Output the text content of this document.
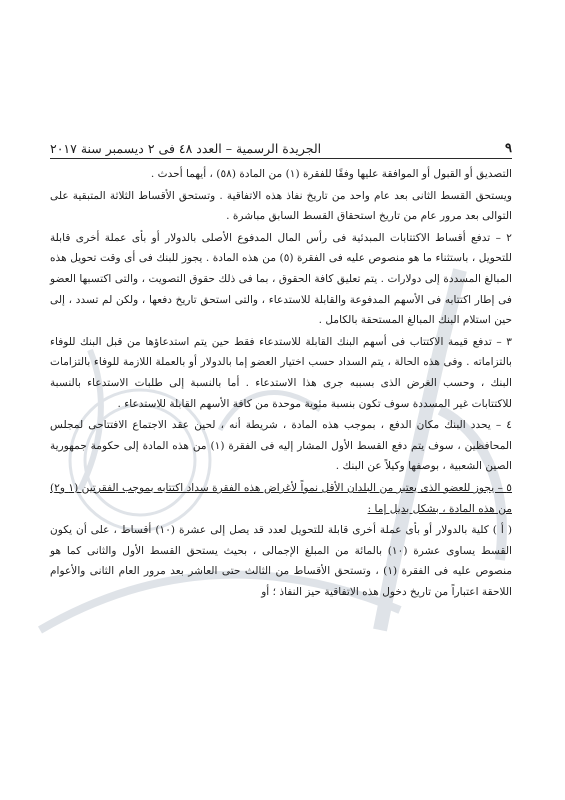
٩
الجريدة الرسمية – العدد ٤٨ فى ٢ ديسمبر سنة ٢٠١٧

التصديق أو القبول أو الموافقة عليها وفقًا للفقرة (١) من المادة (٥٨) ، أيهما أحدث .

ويستحق القسط الثانى بعد عام واحد من تاريخ نفاذ هذه الاتفاقية . وتستحق الأقساط الثلاثة المتبقية على التوالى بعد مرور عام من تاريخ استحقاق القسط السابق مباشرة .

٢ – تدفع أقساط الاكتتابات المبدئية فى رأس المال المدفوع الأصلى بالدولار أو بأى عملة أخرى قابلة للتحويل ، باستثناء ما هو منصوص عليه فى الفقرة (٥) من هذه المادة . يجوز للبنك فى أى وقت تحويل هذه المبالغ المسددة إلى دولارات . يتم تعليق كافة الحقوق ، بما فى ذلك حقوق التصويت ، والتى اكتسبها العضو فى إطار اكتتابه فى الأسهم المدفوعة والقابلة للاستدعاء ، والتى استحق تاريخ دفعها ، ولكن لم تسدد ، إلى حين استلام البنك المبالغ المستحقة بالكامل .

٣ – تدفع قيمة الاكتتاب فى أسهم البنك القابلة للاستدعاء فقط حين يتم استدعاؤها من قبل البنك للوفاء بالتزاماته . وفى هذه الحالة ، يتم السداد حسب اختيار العضو إما بالدولار أو بالعملة اللازمة للوفاء بالتزامات البنك ، وحسب الغرض الذى بسببه جرى هذا الاستدعاء . أما بالنسبة إلى طلبات الاستدعاء بالنسبة للاكتتابات غير المسددة سوف تكون بنسبة مئوية موحدة من كافة الأسهم القابلة للاستدعاء .

٤ – يحدد البنك مكان الدفع ، بموجب هذه المادة ، شريطة أنه ، لحين عقد الاجتماع الافتتاحى لمجلس المحافظين ، سوف يتم دفع القسط الأول المشار إليه فى الفقرة (١) من هذه المادة إلى حكومة جمهورية الصين الشعبية ، بوصفها وكيلاً عن البنك .

٥ – يجوز للعضو الذى يعتبر من البلدان الأقل نمواً لأغراض هذه الفقرة سداد اكتتابه بموجب الفقرتين (١ و٢) من هذه المادة ، بشكل بديل إما :

( أ ) كلية بالدولار أو بأى عملة أخرى قابلة للتحويل لعدد قد يصل إلى عشرة (١٠) أقساط ، على أن يكون القسط يساوى عشرة (١٠) بالمائة من المبلغ الإجمالى ، بحيث يستحق القسط الأول والثانى كما هو منصوص عليه فى الفقرة (١) ، وتستحق الأقساط من الثالث حتى العاشر بعد مرور العام الثانى والأعوام اللاحقة اعتباراً من تاريخ دخول هذه الاتفاقية حيز النفاذ ؛ أو
